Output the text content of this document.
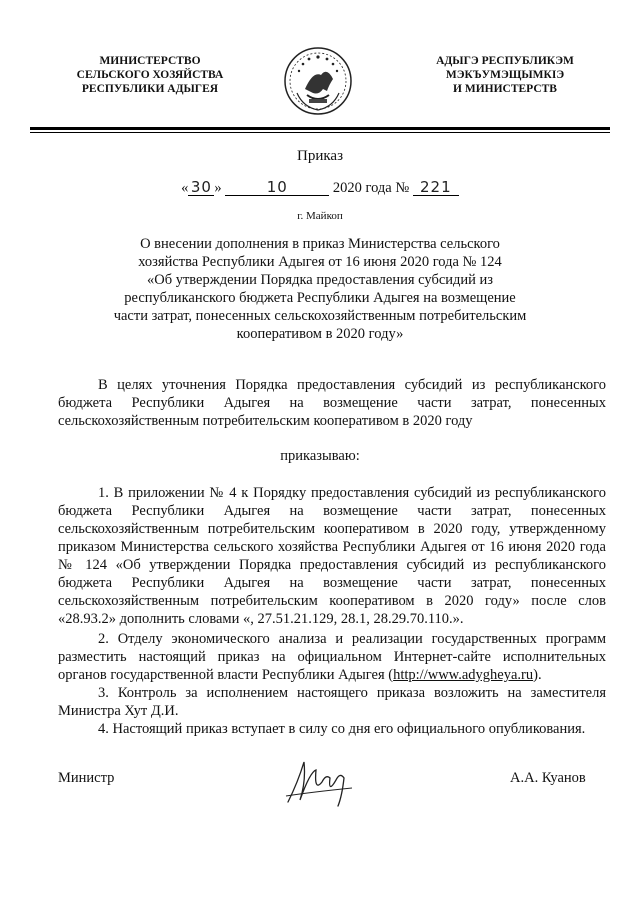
МИНИСТЕРСТВО
СЕЛЬСКОГО ХОЗЯЙСТВА
РЕСПУБЛИКИ АДЫГЕЯ
АДЫГЭ РЕСПУБЛИКЭМ
МЭКЪУМЭЩЫМКIЭ
И МИНИСТЕРСТВ
Приказ
« 30 »	10	2020 года № 221
г. Майкоп
О внесении дополнения в приказ Министерства сельского
хозяйства Республики Адыгея от 16 июня 2020 года № 124
«Об утверждении Порядка предоставления субсидий из
республиканского бюджета Республики Адыгея на возмещение
части затрат, понесенных сельскохозяйственным потребительским
кооперативом в 2020 году»
В целях уточнения Порядка предоставления субсидий из республиканского бюджета Республики Адыгея на возмещение части затрат, понесенных сельскохозяйственным потребительским кооперативом в 2020 году
приказываю:
1. В приложении № 4 к Порядку предоставления субсидий из республиканского бюджета Республики Адыгея на возмещение части затрат, понесенных сельскохозяйственным потребительским кооперативом в 2020 году, утвержденному приказом Министерства сельского хозяйства Республики Адыгея от 16 июня 2020 года № 124 «Об утверждении Порядка предоставления субсидий из республиканского бюджета Республики Адыгея на возмещение части затрат, понесенных сельскохозяйственным потребительским кооперативом в 2020 году» после слов «28.93.2» дополнить словами «, 27.51.21.129, 28.1, 28.29.70.110.».
2. Отделу экономического анализа и реализации государственных программ разместить настоящий приказ на официальном Интернет-сайте исполнительных органов государственной власти Республики Адыгея (http://www.adygheya.ru).
3. Контроль за исполнением настоящего приказа возложить на заместителя Министра Хут Д.И.
4. Настоящий приказ вступает в силу со дня его официального опубликования.
Министр	А.А. Куанов
